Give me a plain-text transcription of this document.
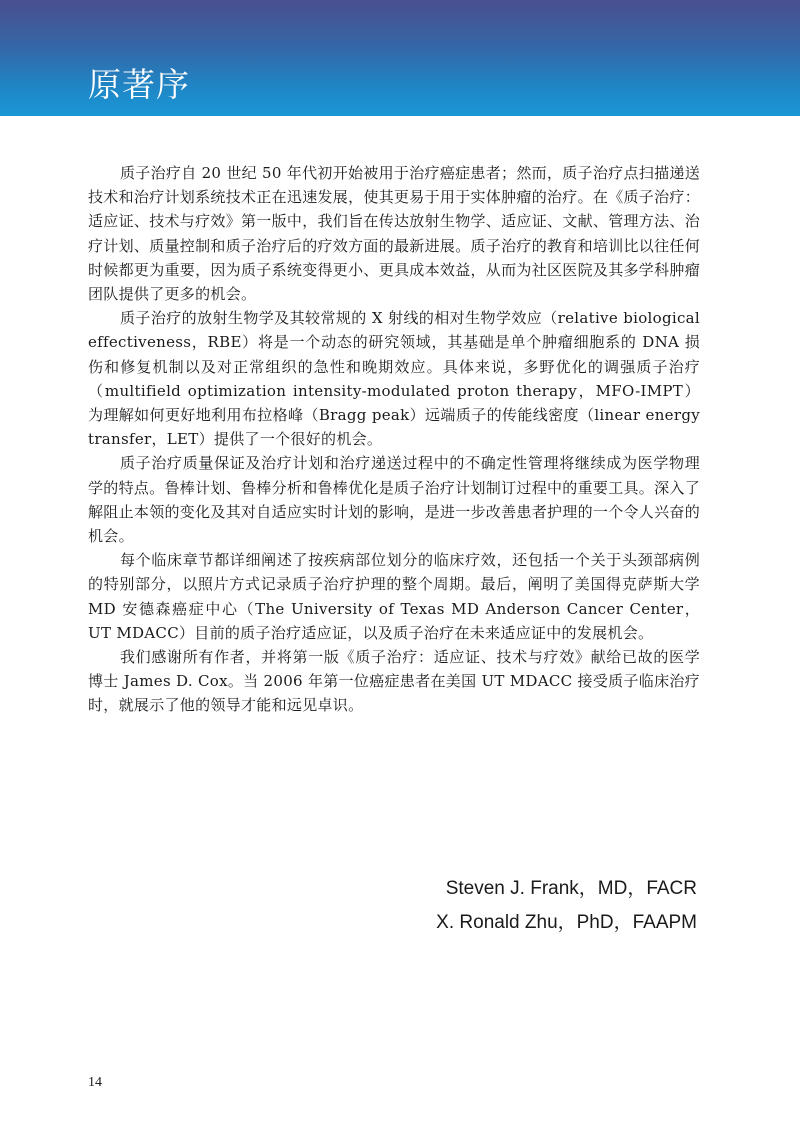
原著序

质子治疗自 20 世纪 50 年代初开始被用于治疗癌症患者；然而，质子治疗点扫描递送技术和治疗计划系统技术正在迅速发展，使其更易于用于实体肿瘤的治疗。在《质子治疗：适应证、技术与疗效》第一版中，我们旨在传达放射生物学、适应证、文献、管理方法、治疗计划、质量控制和质子治疗后的疗效方面的最新进展。质子治疗的教育和培训比以往任何时候都更为重要，因为质子系统变得更小、更具成本效益，从而为社区医院及其多学科肿瘤团队提供了更多的机会。

质子治疗的放射生物学及其较常规的 X 射线的相对生物学效应（relative biological effectiveness，RBE）将是一个动态的研究领域，其基础是单个肿瘤细胞系的 DNA 损伤和修复机制以及对正常组织的急性和晚期效应。具体来说，多野优化的调强质子治疗（multifield optimization intensity-modulated proton therapy，MFO-IMPT）为理解如何更好地利用布拉格峰（Bragg peak）远端质子的传能线密度（linear energy transfer，LET）提供了一个很好的机会。

质子治疗质量保证及治疗计划和治疗递送过程中的不确定性管理将继续成为医学物理学的特点。鲁棒计划、鲁棒分析和鲁棒优化是质子治疗计划制订过程中的重要工具。深入了解阻止本领的变化及其对自适应实时计划的影响，是进一步改善患者护理的一个令人兴奋的机会。

每个临床章节都详细阐述了按疾病部位划分的临床疗效，还包括一个关于头颈部病例的特别部分，以照片方式记录质子治疗护理的整个周期。最后，阐明了美国得克萨斯大学 MD 安德森癌症中心（The University of Texas MD Anderson Cancer Center，UT MDACC）目前的质子治疗适应证，以及质子治疗在未来适应证中的发展机会。

我们感谢所有作者，并将第一版《质子治疗：适应证、技术与疗效》献给已故的医学博士 James D. Cox。当 2006 年第一位癌症患者在美国 UT MDACC 接受质子临床治疗时，就展示了他的领导才能和远见卓识。

Steven J. Frank，MD，FACR
X. Ronald Zhu，PhD，FAAPM
14
